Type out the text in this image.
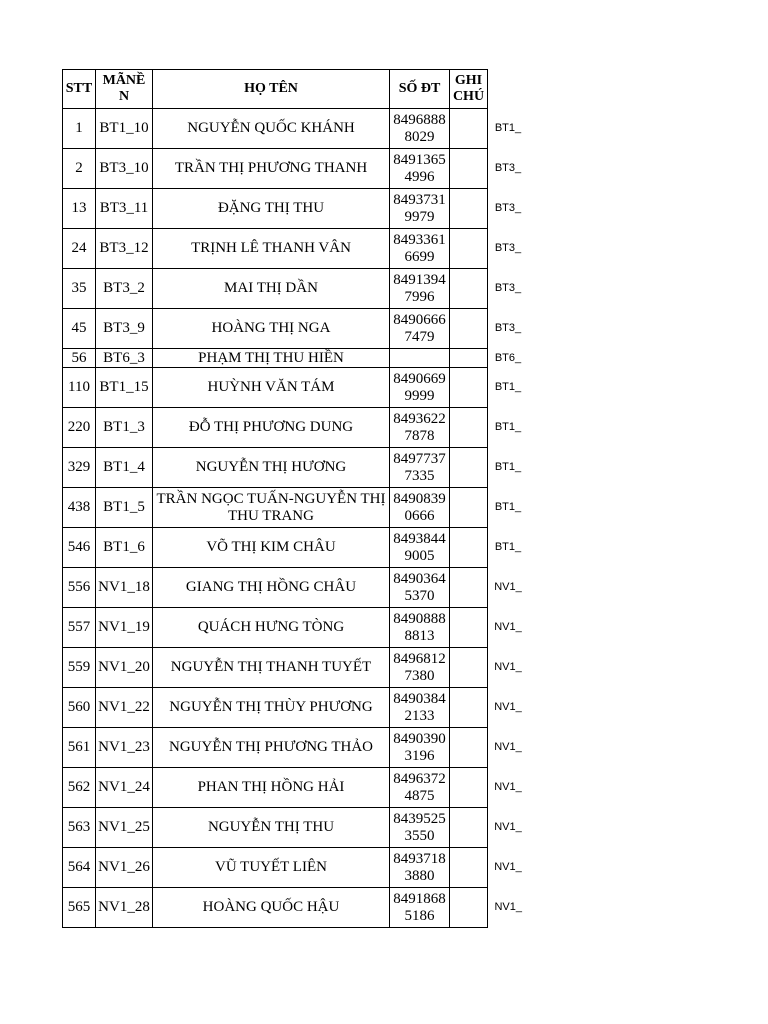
STT	MÃNỀ N	HỌ TÊN	SỐ ĐT	GHI CHÚ	
1	BT1_10	NGUYỄN QUỐC KHÁNH	84968888029		BT1_
2	BT3_10	TRẦN THỊ PHƯƠNG THANH	84913654996		BT3_
13	BT3_11	ĐẶNG THỊ THU	84937319979		BT3_
24	BT3_12	TRỊNH LÊ THANH VÂN	84933616699		BT3_
35	BT3_2	MAI THỊ DẦN	84913947996		BT3_
45	BT3_9	HOÀNG THỊ NGA	84906667479		BT3_
56	BT6_3	PHẠM THỊ THU HIỀN			BT6_
110	BT1_15	HUỲNH VĂN TÁM	84906699999		BT1_
220	BT1_3	ĐỖ THỊ PHƯƠNG DUNG	84936227878		BT1_
329	BT1_4	NGUYỄN THỊ HƯƠNG	84977377335		BT1_
438	BT1_5	TRẦN NGỌC TUẤN-NGUYỄN THỊ THU TRANG	84908390666		BT1_
546	BT1_6	VÕ THỊ KIM CHÂU	84938449005		BT1_
556	NV1_18	GIANG THỊ HỒNG CHÂU	84903645370		NV1_
557	NV1_19	QUÁCH HƯNG TÒNG	84908888813		NV1_
559	NV1_20	NGUYỄN THỊ THANH TUYẾT	84968127380		NV1_
560	NV1_22	NGUYỄN THỊ THÙY PHƯƠNG	84903842133		NV1_
561	NV1_23	NGUYỄN THỊ PHƯƠNG THẢO	84903903196		NV1_
562	NV1_24	PHAN THỊ HỒNG HẢI	84963724875		NV1_
563	NV1_25	NGUYỄN THỊ THU	84395253550		NV1_
564	NV1_26	VŨ TUYẾT LIÊN	84937183880		NV1_
565	NV1_28	HOÀNG QUỐC HẬU	84918685186		NV1_
